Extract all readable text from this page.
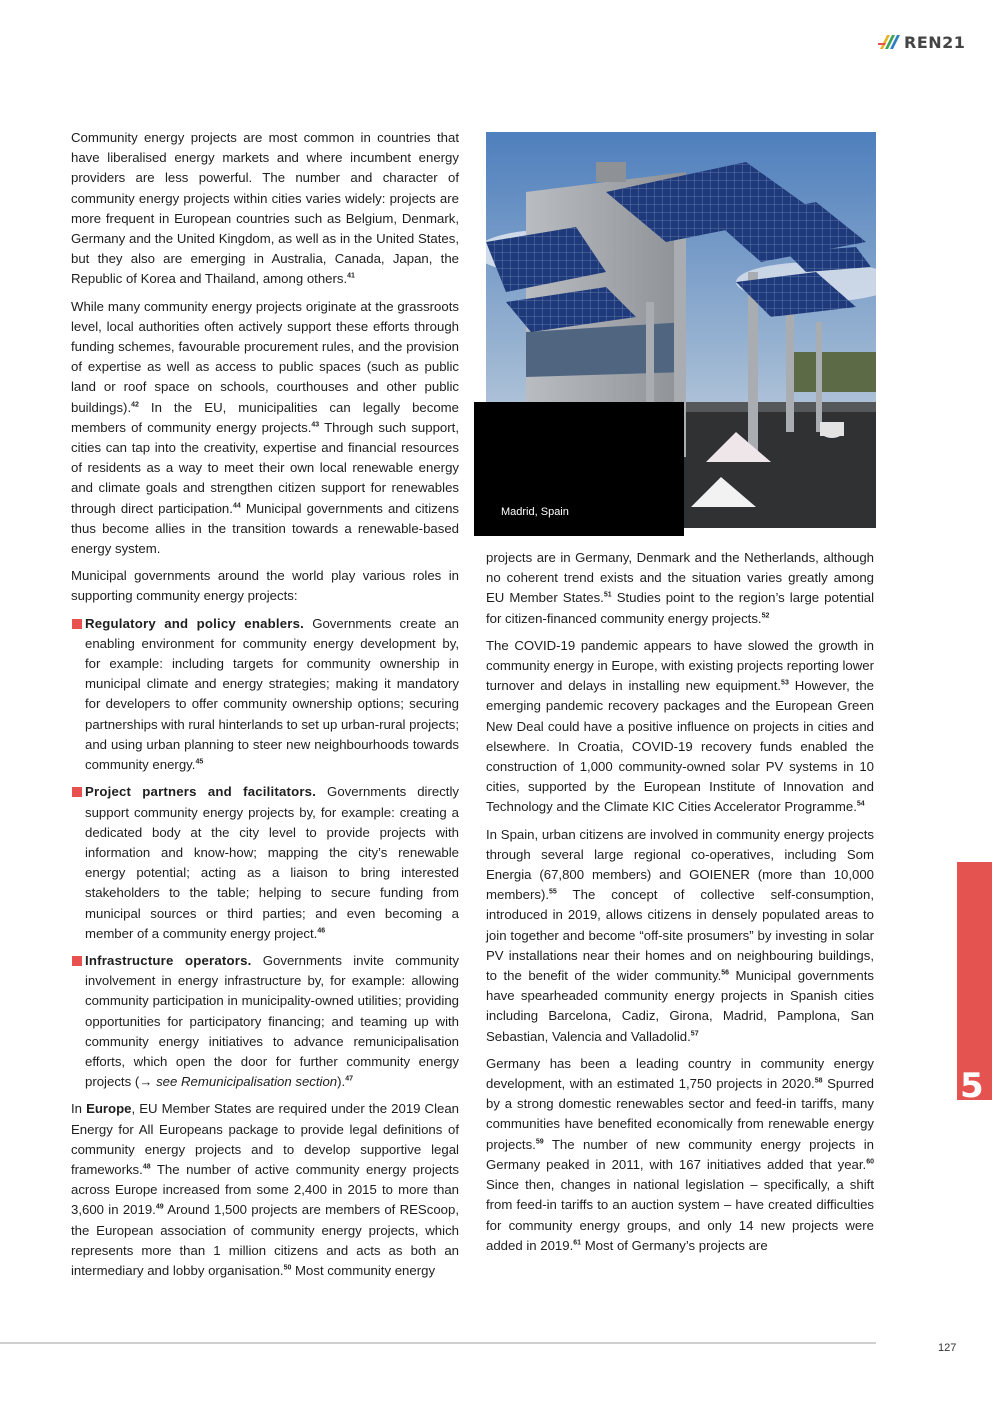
REN21
Madrid, Spain

Community energy projects are most common in countries that have liberalised energy markets and where incumbent energy providers are less powerful. The number and character of community energy projects within cities varies widely: projects are more frequent in European countries such as Belgium, Denmark, Germany and the United Kingdom, as well as in the United States, but they also are emerging in Australia, Canada, Japan, the Republic of Korea and Thailand, among others.$^{41}$

While many community energy projects originate at the grassroots level, local authorities often actively support these efforts through funding schemes, favourable procurement rules, and the provision of expertise as well as access to public spaces (such as public land or roof space on schools, courthouses and other public buildings).$^{42}$ In the EU, municipalities can legally become members of community energy projects.$^{43}$ Through such support, cities can tap into the creativity, expertise and financial resources of residents as a way to meet their own local renewable energy and climate goals and strengthen citizen support for renewables through direct participation.$^{44}$ Municipal governments and citizens thus become allies in the transition towards a renewable-based energy system.

Municipal governments around the world play various roles in supporting community energy projects:

Regulatory and policy enablers. Governments create an enabling environment for community energy development by, for example: including targets for community ownership in municipal climate and energy strategies; making it mandatory for developers to offer community ownership options; securing partnerships with rural hinterlands to set up urban-rural projects; and using urban planning to steer new neighbourhoods towards community energy.$^{45}$
Project partners and facilitators. Governments directly support community energy projects by, for example: creating a dedicated body at the city level to provide projects with information and know-how; mapping the city’s renewable energy potential; acting as a liaison to bring interested stakeholders to the table; helping to secure funding from municipal sources or third parties; and even becoming a member of a community energy project.$^{46}$
Infrastructure operators. Governments invite community involvement in energy infrastructure by, for example: allowing community participation in municipality-owned utilities; providing opportunities for participatory financing; and teaming up with community energy initiatives to advance remunicipalisation efforts, which open the door for further community energy projects (→ see Remunicipalisation section).$^{47}$

In Europe, EU Member States are required under the 2019 Clean Energy for All Europeans package to provide legal definitions of community energy projects and to develop supportive legal frameworks.$^{48}$ The number of active community energy projects across Europe increased from some 2,400 in 2015 to more than 3,600 in 2019.49 Around 1,500 projects are members of REScoop, the European association of community energy projects, which represents more than 1 million citizens and acts as both an intermediary and lobby organisation.$^{50}$ Most community energy

projects are in Germany, Denmark and the Netherlands, although no coherent trend exists and the situation varies greatly among EU Member States.$^{51}$ Studies point to the region’s large potential for citizen-financed community energy projects.$^{52}$

The COVID-19 pandemic appears to have slowed the growth in community energy in Europe, with existing projects reporting lower turnover and delays in installing new equipment.$^{53}$ However, the emerging pandemic recovery packages and the European Green New Deal could have a positive influence on projects in cities and elsewhere. In Croatia, COVID-19 recovery funds enabled the construction of 1,000 community-owned solar PV systems in 10 cities, supported by the European Institute of Innovation and Technology and the Climate KIC Cities Accelerator Programme.$^{54}$

In Spain, urban citizens are involved in community energy projects through several large regional co-operatives, including Som Energia (67,800 members) and GOIENER (more than 10,000 members).$^{55}$ The concept of collective self-consumption, introduced in 2019, allows citizens in densely populated areas to join together and become “off-site prosumers” by investing in solar PV installations near their homes and on neighbouring buildings, to the benefit of the wider community.$^{56}$ Municipal governments have spearheaded community energy projects in Spanish cities including Barcelona, Cadiz, Girona, Madrid, Pamplona, San Sebastian, Valencia and Valladolid.$^{57}$

Germany has been a leading country in community energy development, with an estimated 1,750 projects in 2020.58 Spurred by a strong domestic renewables sector and feed-in tariffs, many communities have benefited economically from renewable energy projects.$^{59}$ The number of new community energy projects in Germany peaked in 2011, with 167 initiatives added that year.$^{60}$ Since then, changes in national legislation – specifically, a shift from feed-in tariffs to an auction system – have created difficulties for community energy groups, and only 14 new projects were added in 2019.61 Most of Germany’s projects are

5
127
